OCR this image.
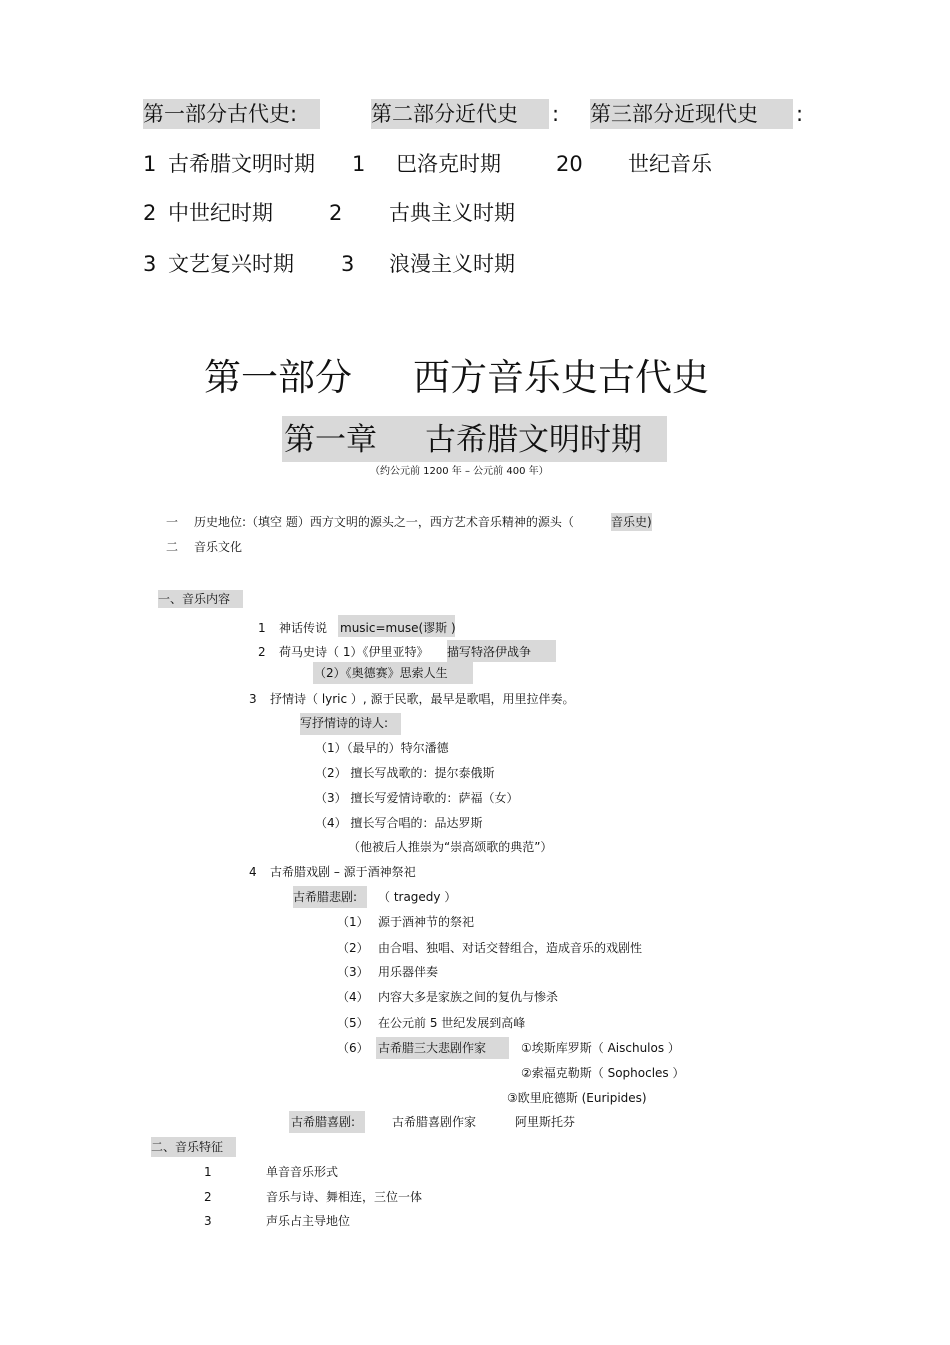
第一部分古代史:	第二部分近代史	: 第三部分近现代史	:
1 古希腊文明时期 1 巴洛克时期	20 世纪音乐
2 中世纪时期	2 古典主义时期
3 文艺复兴时期 3 浪漫主义时期
第一部分 西方音乐史古代史
第一章 古希腊文明时期
（约公元前 1200 年 – 公元前 400 年）
一 历史地位:（填空 题）西方文明的源头之一，西方艺术音乐精神的源头（	音乐史)
二 音乐文化
一、音乐内容
1 神话传说 music=muse(谬斯 )
2 荷马史诗（ 1）《伊里亚特》 描写特洛伊战争
（2）《奥德赛》思索人生
3 抒情诗（ lyric ）, 源于民歌，最早是歌唱，用里拉伴奏。
写抒情诗的诗人:
（1）（最早的）特尔潘德
（2） 擅长写战歌的：提尔泰俄斯
（3） 擅长写爱情诗歌的：萨福（女）
（4） 擅长写合唱的：品达罗斯
（他被后人推崇为“崇高颂歌的典范”）
4 古希腊戏剧 – 源于酒神祭祀
古希腊悲剧:	（ tragedy ）
（1） 源于酒神节的祭祀
（2） 由合唱、独唱、对话交替组合，造成音乐的戏剧性
（3） 用乐器伴奏
（4） 内容大多是家族之间的复仇与惨杀
（5） 在公元前 5 世纪发展到高峰
（6） 古希腊三大悲剧作家	①埃斯库罗斯（ Aischulos ）
②索福克勒斯（ Sophocles ）
③欧里庇德斯 (Euripides)
古希腊喜剧:	古希腊喜剧作家	阿里斯托芬
二、音乐特征
1	单音音乐形式
2	音乐与诗、舞相连，三位一体
3	声乐占主导地位
